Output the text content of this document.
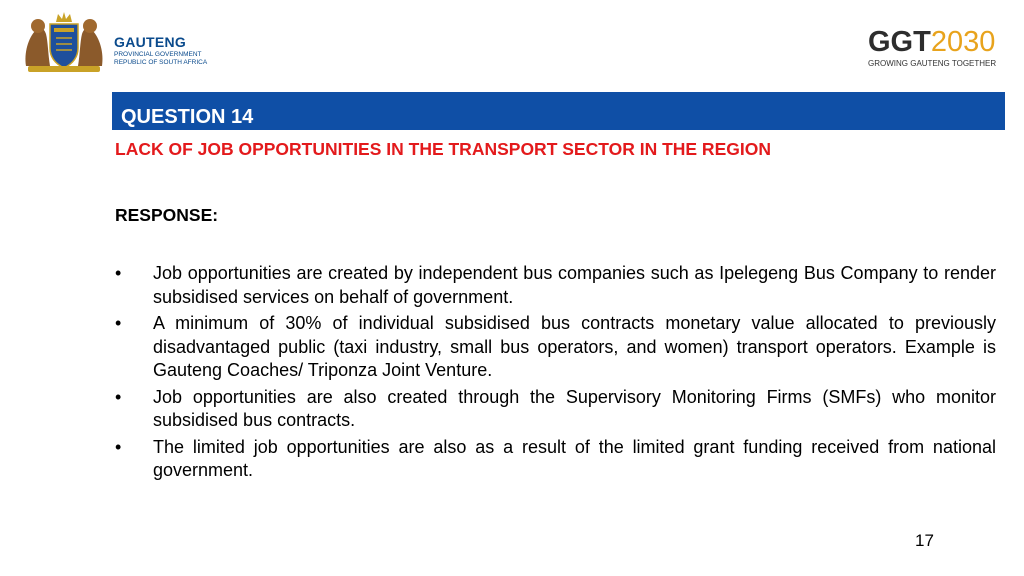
GAUTENG
PROVINCIAL GOVERNMENT
REPUBLIC OF SOUTH AFRICA
GGT2030
GROWING GAUTENG TOGETHER
QUESTION 14
LACK OF JOB OPPORTUNITIES IN THE TRANSPORT SECTOR IN THE REGION
RESPONSE:
• Job opportunities are created by independent bus companies such as Ipelegeng Bus Company to render subsidised services on behalf of government.
• A minimum of 30% of individual subsidised bus contracts monetary value allocated to previously disadvantaged public (taxi industry, small bus operators, and women) transport operators. Example is Gauteng Coaches/ Triponza Joint Venture.
• Job opportunities are also created through the Supervisory Monitoring Firms (SMFs) who monitor subsidised bus contracts.
• The limited job opportunities are also as a result of the limited grant funding received from national government.
17
